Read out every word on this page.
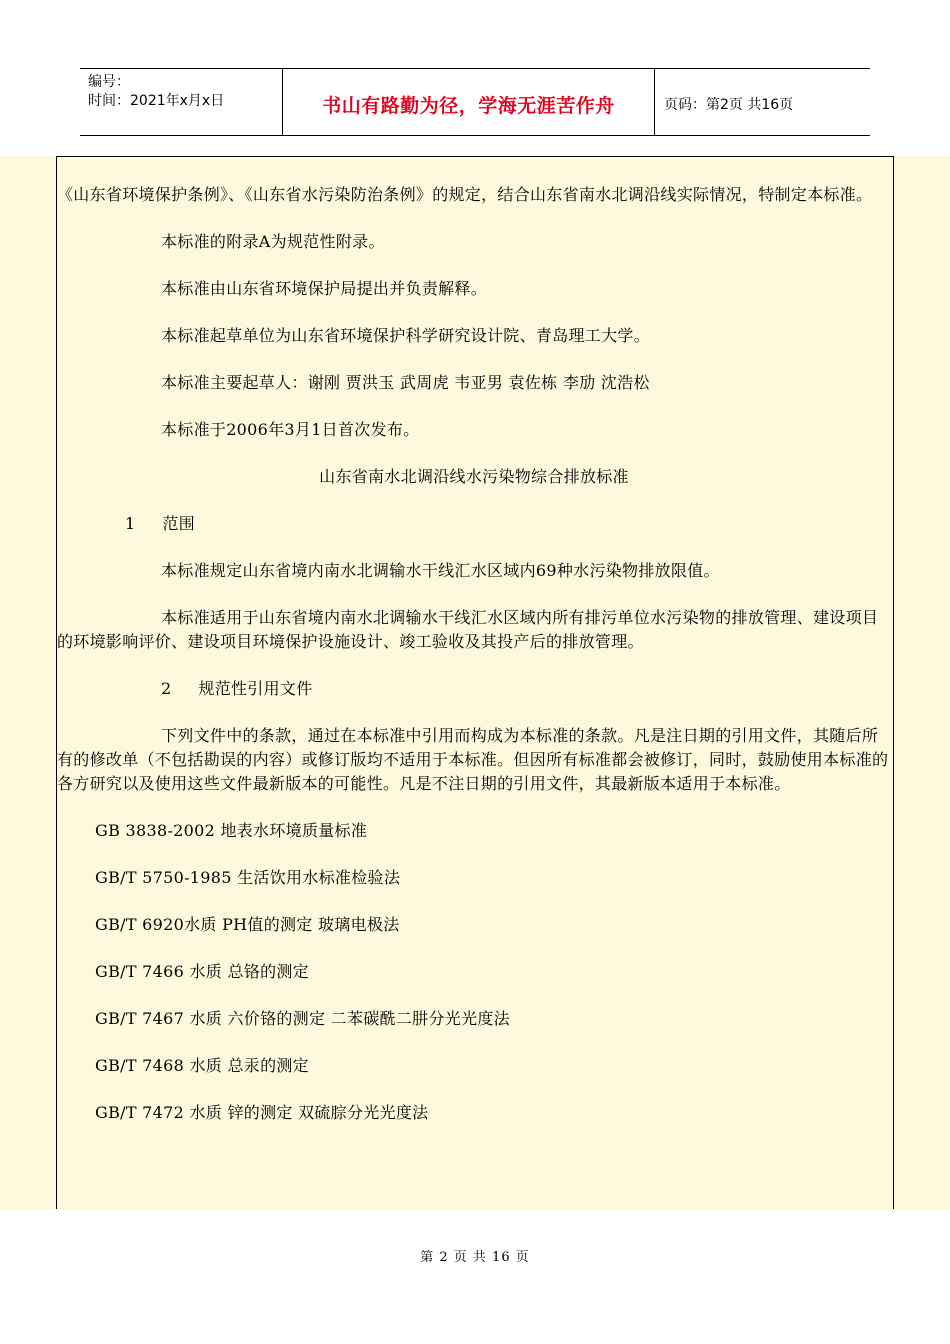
编号：
时间：2021年x月x日	书山有路勤为径，学海无涯苦作舟	页码：第2页 共16页

《山东省环境保护条例》、《山东省水污染防治条例》的规定，结合山东省南水北调沿线实际情况，特制定本标准。

本标准的附录A为规范性附录。

本标准由山东省环境保护局提出并负责解释。

本标准起草单位为山东省环境保护科学研究设计院、青岛理工大学。

本标准主要起草人：谢刚 贾洪玉 武周虎 韦亚男 袁佐栋 李劢 沈浩松

本标准于2006年3月1日首次发布。

山东省南水北调沿线水污染物综合排放标准

1     范围

本标准规定山东省境内南水北调输水干线汇水区域内69种水污染物排放限值。

本标准适用于山东省境内南水北调输水干线汇水区域内所有排污单位水污染物的排放管理、建设项目的环境影响评价、建设项目环境保护设施设计、竣工验收及其投产后的排放管理。

2     规范性引用文件

下列文件中的条款，通过在本标准中引用而构成为本标准的条款。凡是注日期的引用文件，其随后所有的修改单（不包括勘误的内容）或修订版均不适用于本标准。但因所有标准都会被修订，同时，鼓励使用本标准的各方研究以及使用这些文件最新版本的可能性。凡是不注日期的引用文件，其最新版本适用于本标准。

GB 3838-2002 地表水环境质量标准

GB/T 5750-1985 生活饮用水标准检验法

GB/T 6920水质 PH值的测定 玻璃电极法

GB/T 7466 水质 总铬的测定

GB/T 7467 水质 六价铬的测定 二苯碳酰二肼分光光度法

GB/T 7468 水质 总汞的测定

GB/T 7472 水质 锌的测定 双硫腙分光光度法

第 2 页 共 16 页
